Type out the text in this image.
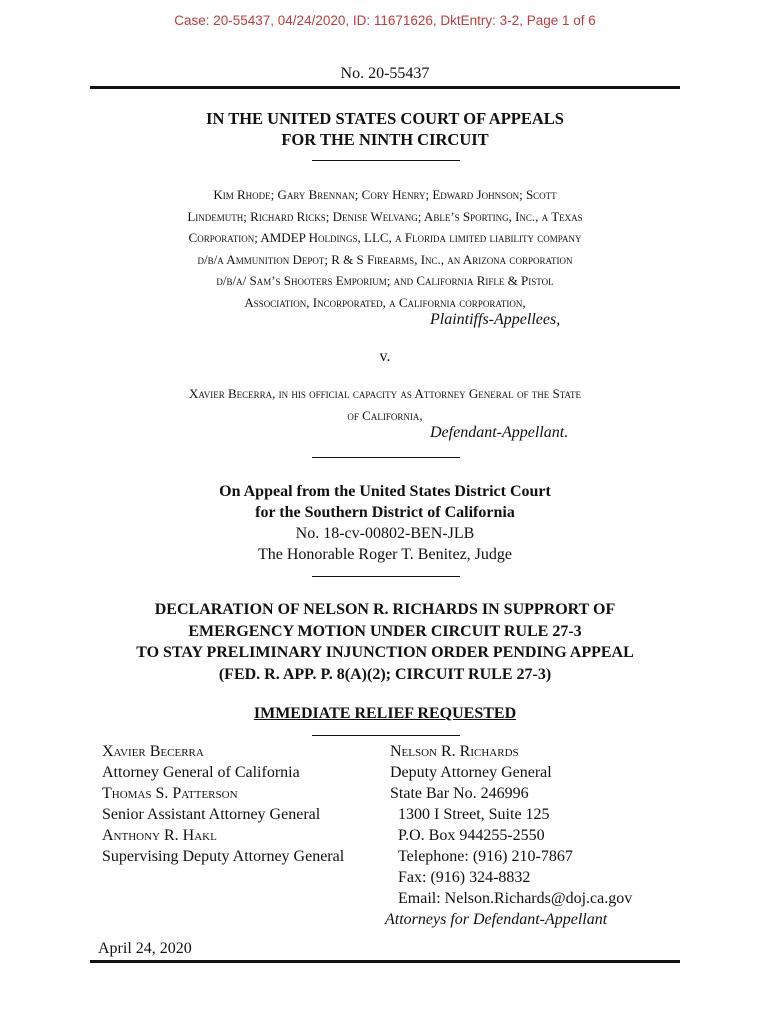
Case: 20-55437, 04/24/2020, ID: 11671626, DktEntry: 3-2, Page 1 of 6
No. 20-55437
IN THE UNITED STATES COURT OF APPEALS
FOR THE NINTH CIRCUIT
Kim Rhode; Gary Brennan; Cory Henry; Edward Johnson; Scott
Lindemuth; Richard Ricks; Denise Welvang; Able’s Sporting, Inc., a Texas
Corporation; AMDEP Holdings, LLC, a Florida limited liability company
d/b/a Ammunition Depot; R & S Firearms, Inc., an Arizona corporation
d/b/a/ Sam’s Shooters Emporium; and California Rifle & Pistol
Association, Incorporated, a California corporation,
Plaintiffs-Appellees,
v.
Xavier Becerra, in his official capacity as Attorney General of the State
of California,
Defendant-Appellant.
On Appeal from the United States District Court
for the Southern District of California
No. 18-cv-00802-BEN-JLB
The Honorable Roger T. Benitez, Judge
DECLARATION OF NELSON R. RICHARDS IN SUPPRORT OF
EMERGENCY MOTION UNDER CIRCUIT RULE 27-3
TO STAY PRELIMINARY INJUNCTION ORDER PENDING APPEAL
(FED. R. APP. P. 8(A)(2); CIRCUIT RULE 27-3)
IMMEDIATE RELIEF REQUESTED
Xavier Becerra
Attorney General of California
Thomas S. Patterson
Senior Assistant Attorney General
Anthony R. Hakl
Supervising Deputy Attorney General
Nelson R. Richards
Deputy Attorney General
State Bar No. 246996
1300 I Street, Suite 125
P.O. Box 944255-2550
Telephone: (916) 210-7867
Fax: (916) 324-8832
Email: Nelson.Richards@doj.ca.gov
Attorneys for Defendant-Appellant
April 24, 2020
